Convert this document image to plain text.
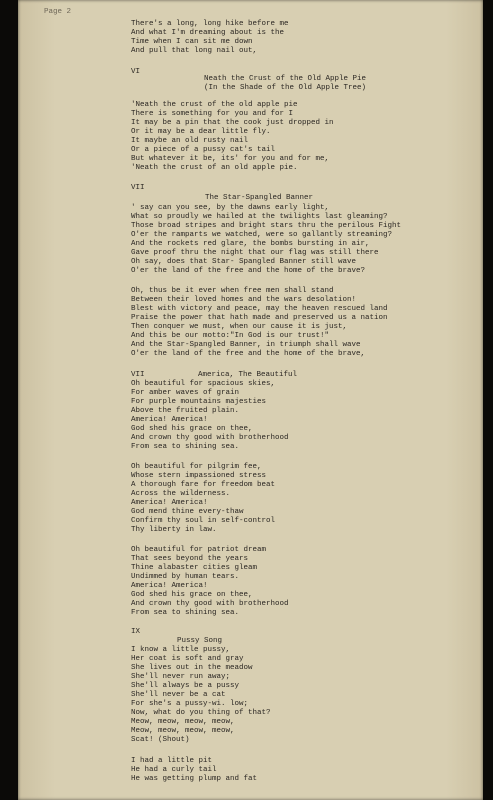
Page 2

There's a long, long hike before me

And what I'm dreaming about is the

Time when I can sit me down

And pull that long nail out,

VI

Neath the Crust of the Old Apple Pie

(In the Shade of the Old Apple Tree)

'Neath the crust of the old apple pie

There is something for you and for I

It may be a pin that the cook just dropped in

Or it may be a dear little fly.

It maybe an old rusty nail

Or a piece of a pussy cat's tail

But whatever it be, its' for you and for me,

'Neath the crust of an old apple pie.

VII

The Star-Spangled Banner

' say can you see, by the dawns early light,

What so proudly we hailed at the twilights last gleaming?

Those broad stripes and bright stars thru the perilous Fight

O'er the ramparts we watched, were so gallantly streaming?

And the rockets red glare, the bombs bursting in air,

Gave proof thru the night that our flag was still there

Oh say, does that Star- Spangled Banner still wave

O'er the land of the free and the home of the brave?

Oh, thus be it ever when free men shall stand

Between their loved homes and the wars desolation!

Blest with victory and peace, may the heaven rescued land

Praise the power that hath made and preserved us a nation

Then conquer we must, when our cause it is just,

And this be our motto:"In God is our trust!"

And the Star-Spangled Banner, in triumph shall wave

O'er the land of the free and the home of the brave,

VII

	America, The Beautiful

Oh beautiful for spacious skies,

For amber waves of grain

For purple mountains majesties

Above the fruited plain.

America! America!

God shed his grace on thee,

And crown thy good with brotherhood

From sea to shining sea.

Oh beautiful for pilgrim fee,

Whose stern impassioned stress

A thorough fare for freedom beat

Across the wilderness.

America! America!

God mend thine every-thaw

Confirm thy soul in self-control

Thy liberty in law.

Oh beautiful for patriot dream

That sees beyond the years

Thine alabaster cities gleam

Undimmed by human tears.

America! America!

God shed his grace on thee,

And crown thy good with brotherhood

From sea to shining sea.

IX

Pussy Song

I know a little pussy,

Her coat is soft and gray

She lives out in the meadow

She'll never run away;

She'll always be a pussy

She'll never be a cat

For she's a pussy-wi. low;

Now, what do you thing of that?

Meow, meow, meow, meow,

Meow, meow, meow, meow,

Scat! (Shout)

I had a little pit

He had a curly tail

He was getting plump and fat
